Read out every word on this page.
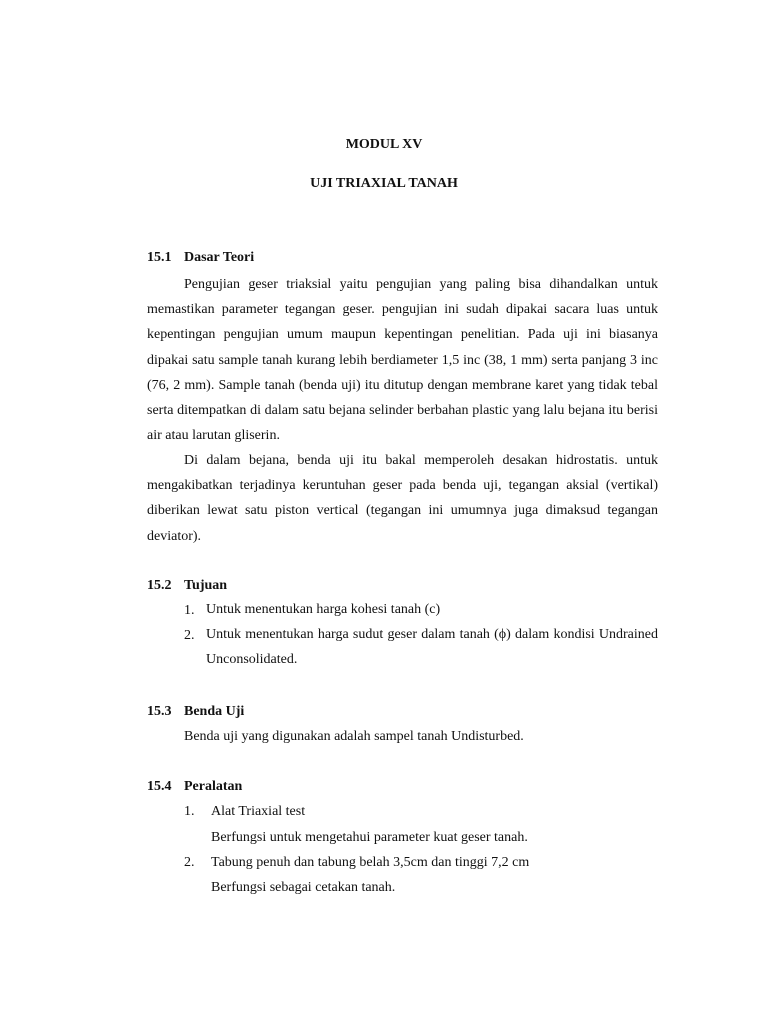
MODUL XV
UJI TRIAXIAL TANAH
15.1 Dasar Teori

Pengujian geser triaksial yaitu pengujian yang paling bisa dihandalkan untuk memastikan parameter tegangan geser. pengujian ini sudah dipakai sacara luas untuk kepentingan pengujian umum maupun kepentingan penelitian. Pada uji ini biasanya dipakai satu sample tanah kurang lebih berdiameter 1,5 inc (38, 1 mm) serta panjang 3 inc (76, 2 mm). Sample tanah (benda uji) itu ditutup dengan membrane karet yang tidak tebal serta ditempatkan di dalam satu bejana selinder berbahan plastic yang lalu bejana itu berisi air atau larutan gliserin.

Di dalam bejana, benda uji itu bakal memperoleh desakan hidrostatis. untuk mengakibatkan terjadinya keruntuhan geser pada benda uji, tegangan aksial (vertikal) diberikan lewat satu piston vertical (tegangan ini umumnya juga dimaksud tegangan deviator).

15.2 Tujuan
1. Untuk menentukan harga kohesi tanah (c)

2. Untuk menentukan harga sudut geser dalam tanah (ϕ) dalam kondisi Undrained Unconsolidated.

15.3 Benda Uji
Benda uji yang digunakan adalah sampel tanah Undisturbed.
15.4 Peralatan
1. Alat Triaxial test
Berfungsi untuk mengetahui parameter kuat geser tanah.
2. Tabung penuh dan tabung belah 3,5cm dan tinggi 7,2 cm
Berfungsi sebagai cetakan tanah.
